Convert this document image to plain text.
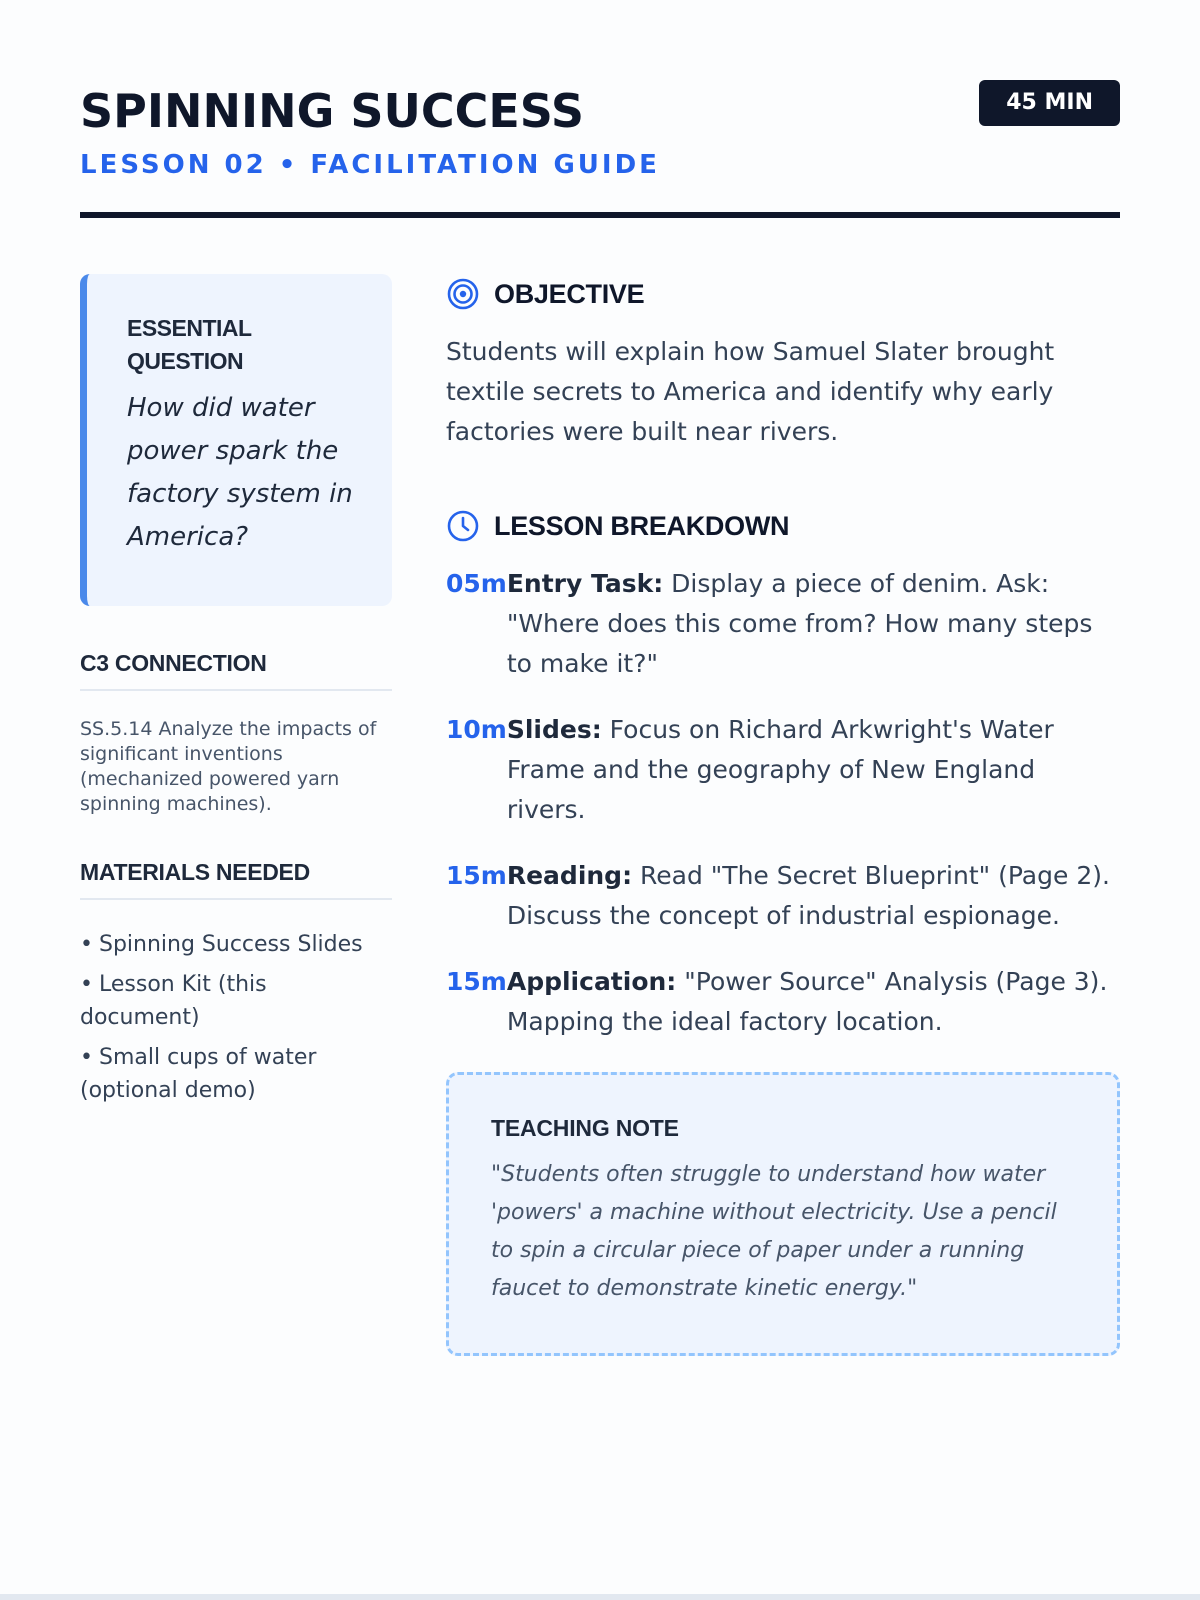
SPINNING SUCCESS
LESSON 02 • FACILITATION GUIDE
45 MIN
ESSENTIAL QUESTION
How did water power spark the factory system in America?
C3 CONNECTION
SS.5.14 Analyze the impacts of significant inventions (mechanized powered yarn spinning machines).
MATERIALS NEEDED
• Spinning Success Slides
• Lesson Kit (this document)
• Small cups of water (optional demo)
OBJECTIVE
Students will explain how Samuel Slater brought textile secrets to America and identify why early factories were built near rivers.
LESSON BREAKDOWN
05m Entry Task: Display a piece of denim. Ask: "Where does this come from? How many steps to make it?"
10m Slides: Focus on Richard Arkwright's Water Frame and the geography of New England rivers.
15m Reading: Read "The Secret Blueprint" (Page 2). Discuss the concept of industrial espionage.
15m Application: "Power Source" Analysis (Page 3). Mapping the ideal factory location.
TEACHING NOTE
"Students often struggle to understand how water 'powers' a machine without electricity. Use a pencil to spin a circular piece of paper under a running faucet to demonstrate kinetic energy."
